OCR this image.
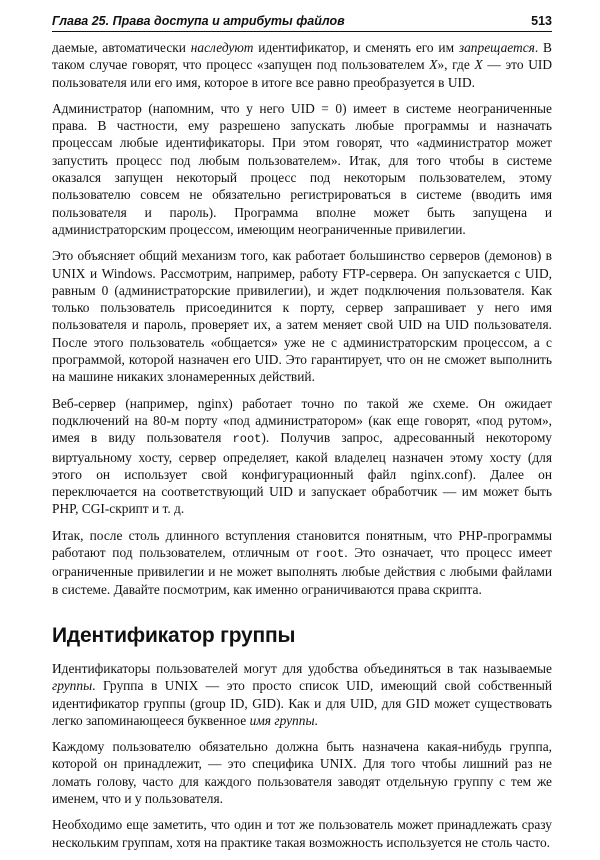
Глава 25. Права доступа и атрибуты файлов	513

даемые, автоматически наследуют идентификатор, и сменять его им запрещается. В таком случае говорят, что процесс «запущен под пользователем X», где X — это UID пользователя или его имя, которое в итоге все равно преобразуется в UID.

Администратор (напомним, что у него UID = 0) имеет в системе неограниченные права. В частности, ему разрешено запускать любые программы и назначать процессам любые идентификаторы. При этом говорят, что «администратор может запустить процесс под любым пользователем». Итак, для того чтобы в системе оказался запущен некоторый процесс под некоторым пользователем, этому пользователю совсем не обязательно регистрироваться в системе (вводить имя пользователя и пароль). Программа вполне может быть запущена и администраторским процессом, имеющим неограниченные привилегии.

Это объясняет общий механизм того, как работает большинство серверов (демонов) в UNIX и Windows. Рассмотрим, например, работу FTP-сервера. Он запускается с UID, равным 0 (администраторские привилегии), и ждет подключения пользователя. Как только пользователь присоединится к порту, сервер запрашивает у него имя пользователя и пароль, проверяет их, а затем меняет свой UID на UID пользователя. После этого пользователь «общается» уже не с администраторским процессом, а с программой, которой назначен его UID. Это гарантирует, что он не сможет выполнить на машине никаких злонамеренных действий.

Веб-сервер (например, nginx) работает точно по такой же схеме. Он ожидает подключений на 80-м порту «под администратором» (как еще говорят, «под рутом», имея в виду пользователя root). Получив запрос, адресованный некоторому виртуальному хосту, сервер определяет, какой владелец назначен этому хосту (для этого он использует свой конфигурационный файл nginx.conf). Далее он переключается на соответствующий UID и запускает обработчик — им может быть PHP, CGI-скрипт и т. д.

Итак, после столь длинного вступления становится понятным, что PHP-программы работают под пользователем, отличным от root. Это означает, что процесс имеет ограниченные привилегии и не может выполнять любые действия с любыми файлами в системе. Давайте посмотрим, как именно ограничиваются права скрипта.

Идентификатор группы

Идентификаторы пользователей могут для удобства объединяться в так называемые группы. Группа в UNIX — это просто список UID, имеющий свой собственный идентификатор группы (group ID, GID). Как и для UID, для GID может существовать легко запоминающееся буквенное имя группы.

Каждому пользователю обязательно должна быть назначена какая-нибудь группа, которой он принадлежит, — это специфика UNIX. Для того чтобы лишний раз не ломать голову, часто для каждого пользователя заводят отдельную группу с тем же именем, что и у пользователя.

Необходимо еще заметить, что один и тот же пользователь может принадлежать сразу нескольким группам, хотя на практике такая возможность используется не столь часто.
